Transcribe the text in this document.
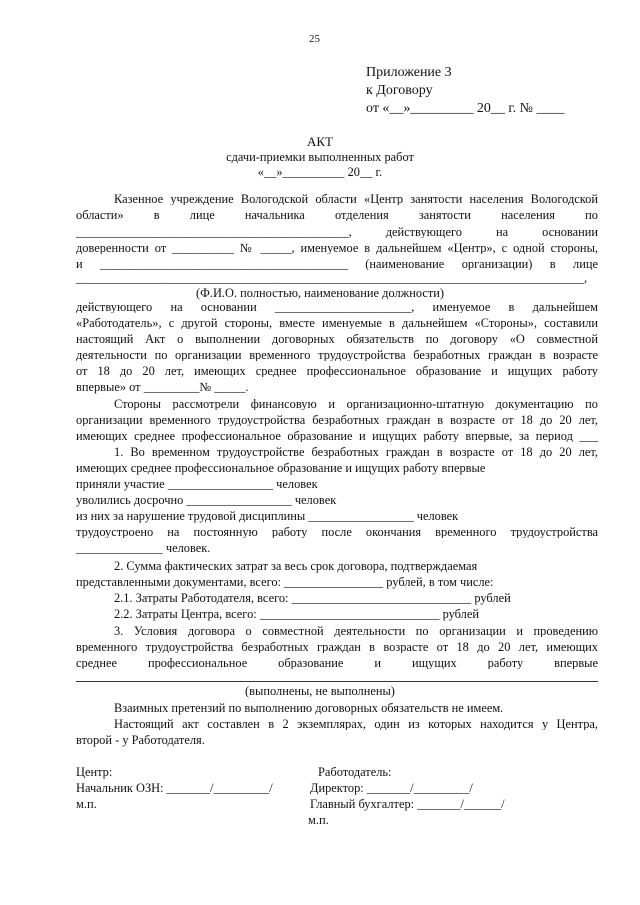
25
Приложение 3
к Договору
от «__»_________ 20__ г. № ____
АКТ
сдачи-приемки выполненных работ
«__»__________ 20__ г.
Казенное учреждение Вологодской области «Центр занятости населения Вологодской
области» в лице начальника отделения занятости населения по
____________________________________________, действующего на основании
доверенности от __________ № _____, именуемое в дальнейшем «Центр», с одной стороны,
и ________________________________________ (наименование организации) в лице
__________________________________________________________________________________,
(Ф.И.О. полностью, наименование должности)
действующего на основании ______________________, именуемое в дальнейшем
«Работодатель», с другой стороны, вместе именуемые в дальнейшем «Стороны», составили
настоящий Акт о выполнении договорных обязательств по договору «О совместной
деятельности по организации временного трудоустройства безработных граждан в возрасте
от 18 до 20 лет, имеющих среднее профессиональное образование и ищущих работу
впервые» от _________№ _____.
Стороны рассмотрели финансовую и организационно-штатную документацию по
организации временного трудоустройства безработных граждан в возрасте от 18 до 20 лет,
имеющих среднее профессиональное образование и ищущих работу впервые, за период ___
1. Во временном трудоустройстве безработных граждан в возрасте от 18 до 20 лет,
имеющих среднее профессиональное образование и ищущих работу впервые
приняли участие _________________ человек
уволились досрочно _________________ человек
из них за нарушение трудовой дисциплины _________________ человек
трудоустроено на постоянную работу после окончания временного трудоустройства
______________ человек.
2. Сумма фактических затрат за весь срок договора, подтверждаемая
представленными документами, всего: ________________ рублей, в том числе:
2.1. Затраты Работодателя, всего: _____________________________ рублей
2.2. Затраты Центра, всего: _____________________________ рублей
3. Условия договора о совместной деятельности по организации и проведению
временного трудоустройства безработных граждан в возрасте от 18 до 20 лет, имеющих
среднее профессиональное образование и ищущих работу впервые
(выполнены, не выполнены)
Взаимных претензий по выполнению договорных обязательств не имеем.
Настоящий акт составлен в 2 экземплярах, один из которых находится у Центра,
второй - у Работодателя.
Центр:
Начальник ОЗН: _______/_________/
м.п.
Работодатель:
Директор: _______/_________/
Главный бухгалтер: _______/______/
м.п.
